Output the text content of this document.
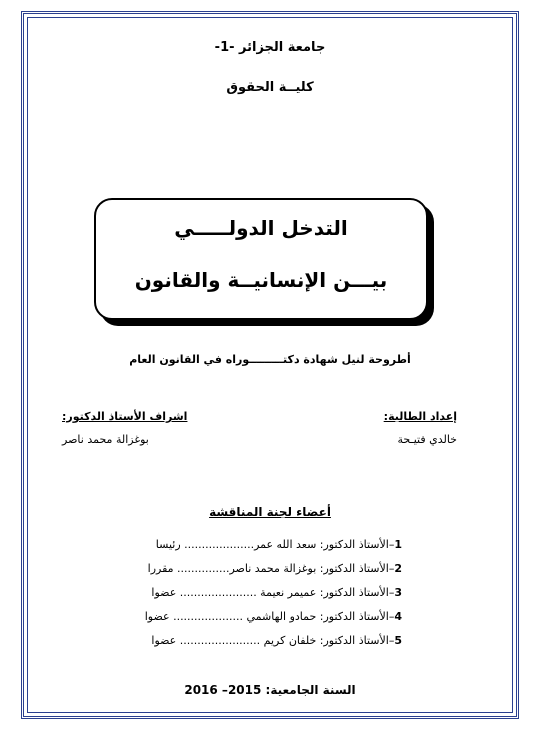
جامعة الجزائر -1-
كليــة الحقوق
التدخل الدولـــــي
بيـــن الإنسانيــة والقانون
أطروحة لنيل شهادة دكتـــــــــوراه في القانون العام
إعداد الطالبة:
اشراف الأستاذ الدكتور:
خالدي فتيـحة
بوغزالة محمد ناصر
أعضاء لجنة المناقشة
1–الأستاذ الدكتور: سعد الله عمر.................... رئيسا
2–الأستاذ الدكتور: بوغزالة محمد ناصر............... مقررا
3–الأستاذ الدكتور: عميمر نعيمة ...................... عضوا
4–الأستاذ الدكتور: حمادو الهاشمي .................... عضوا
5–الأستاذ الدكتور: خلفان كريم ....................... عضوا
السنة الجامعية: 2015– 2016
